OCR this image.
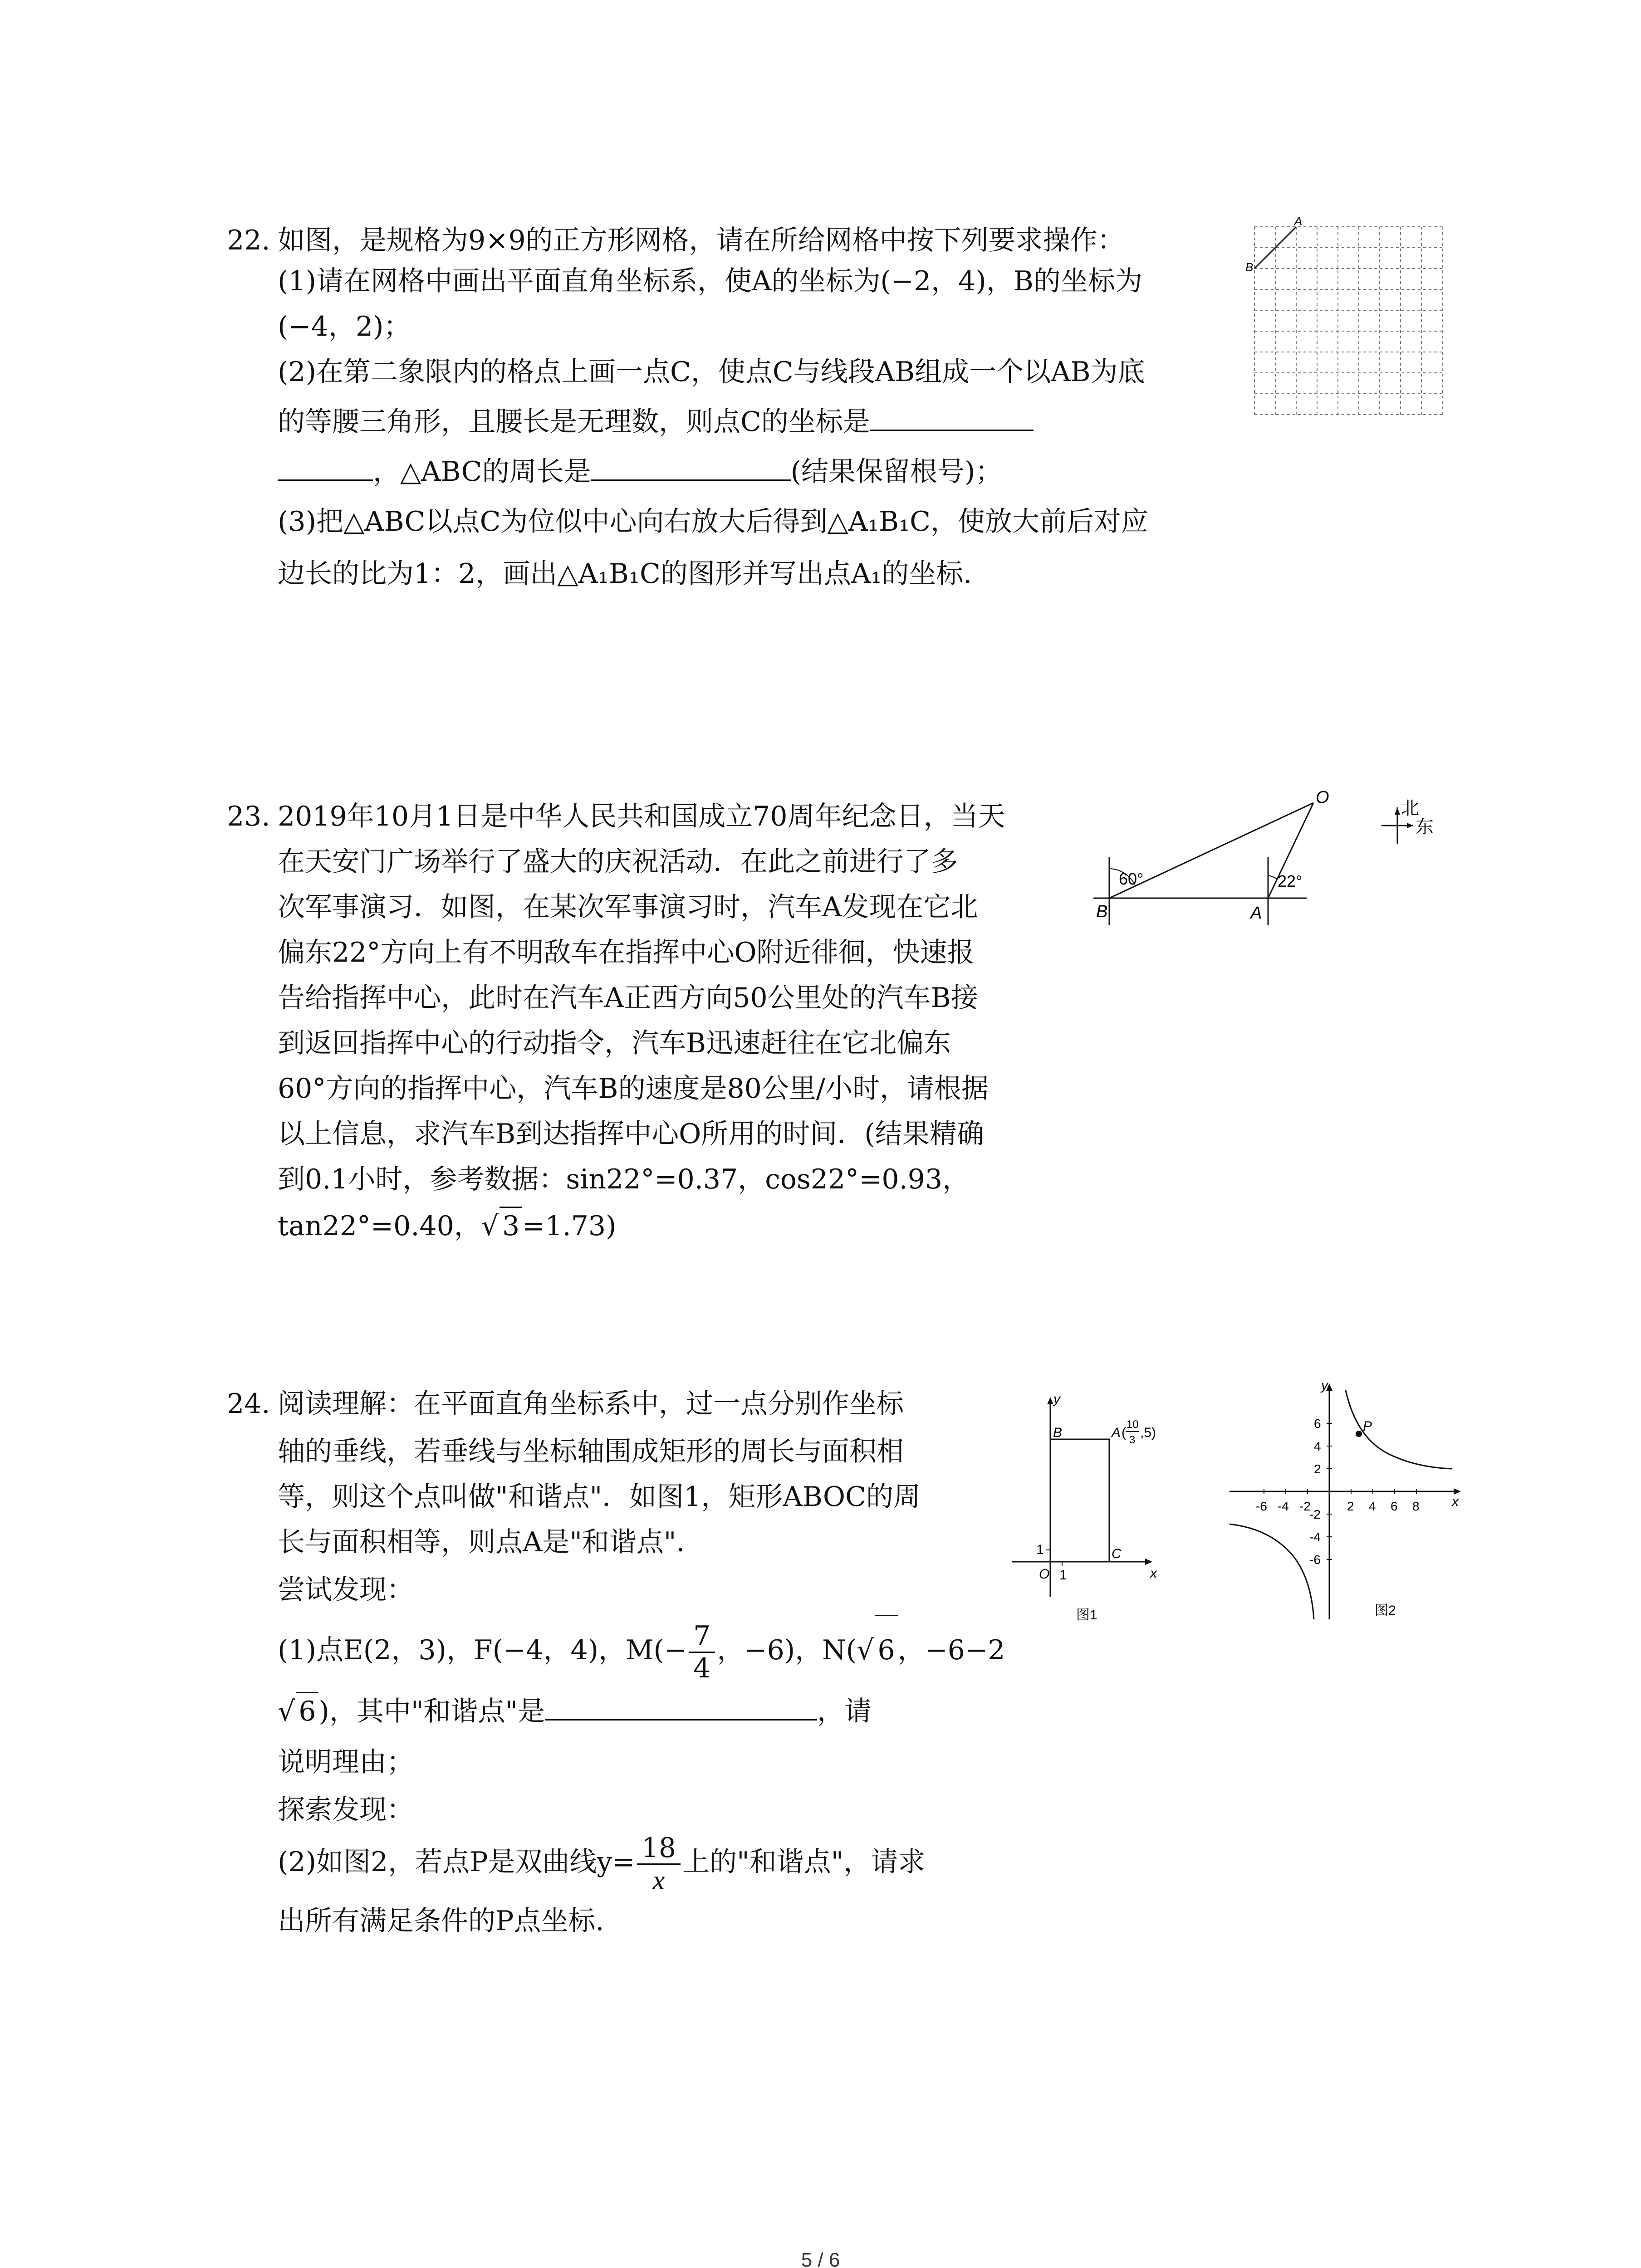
22. 如图，是规格为9×9的正方形网格，请在所给网格中按下列要求操作：
(1)请在网格中画出平面直角坐标系，使A的坐标为(−2，4)，B的坐标为
(−4，2)；
(2)在第二象限内的格点上画一点C，使点C与线段AB组成一个以AB为底
的等腰三角形，且腰长是无理数，则点C的坐标是
，△ABC的周长是	(结果保留根号)；
(3)把△ABC以点C为位似中心向右放大后得到△A₁B₁C，使放大前后对应
边长的比为1：2，画出△A₁B₁C的图形并写出点A₁的坐标.
A
B
23. 2019年10月1日是中华人民共和国成立70周年纪念日，当天
在天安门广场举行了盛大的庆祝活动．在此之前进行了多
次军事演习．如图，在某次军事演习时，汽车A发现在它北
偏东22°方向上有不明敌车在指挥中心O附近徘徊，快速报
告给指挥中心，此时在汽车A正西方向50公里处的汽车B接
到返回指挥中心的行动指令，汽车B迅速赶往在它北偏东
60°方向的指挥中心，汽车B的速度是80公里/小时，请根据
以上信息，求汽车B到达指挥中心O所用的时间．(结果精确
到0.1小时，参考数据：sin22°=0.37，cos22°=0.93，
tan22°=0.40，√ 3 =1.73)
60°	22°
O
B	A
北
东
24. 阅读理解：在平面直角坐标系中，过一点分别作坐标
轴的垂线，若垂线与坐标轴围成矩形的周长与面积相
等，则这个点叫做"和谐点"．如图1，矩形ABOC的周
长与面积相等，则点A是"和谐点"．
尝试发现：
(1)点E(2，3)，F(−4，4)，$M(- \frac{7}{4}$ ，−6)，N(√ 6 ，−6−2
√ 6 )，其中"和谐点"是	，请
说明理由；
探索发现：
(2)如图2，若点P是双曲线$y= \frac{18}{x}$ 上的"和谐点"，请求
出所有满足条件的P点坐标.
y
x
O 1
1
B
C
A (
10
3 ,5)
图1
-6 -4 -2	2 4 6 8
6
4
2
-2
-4
-6
P
y
x
图2
5 / 6
